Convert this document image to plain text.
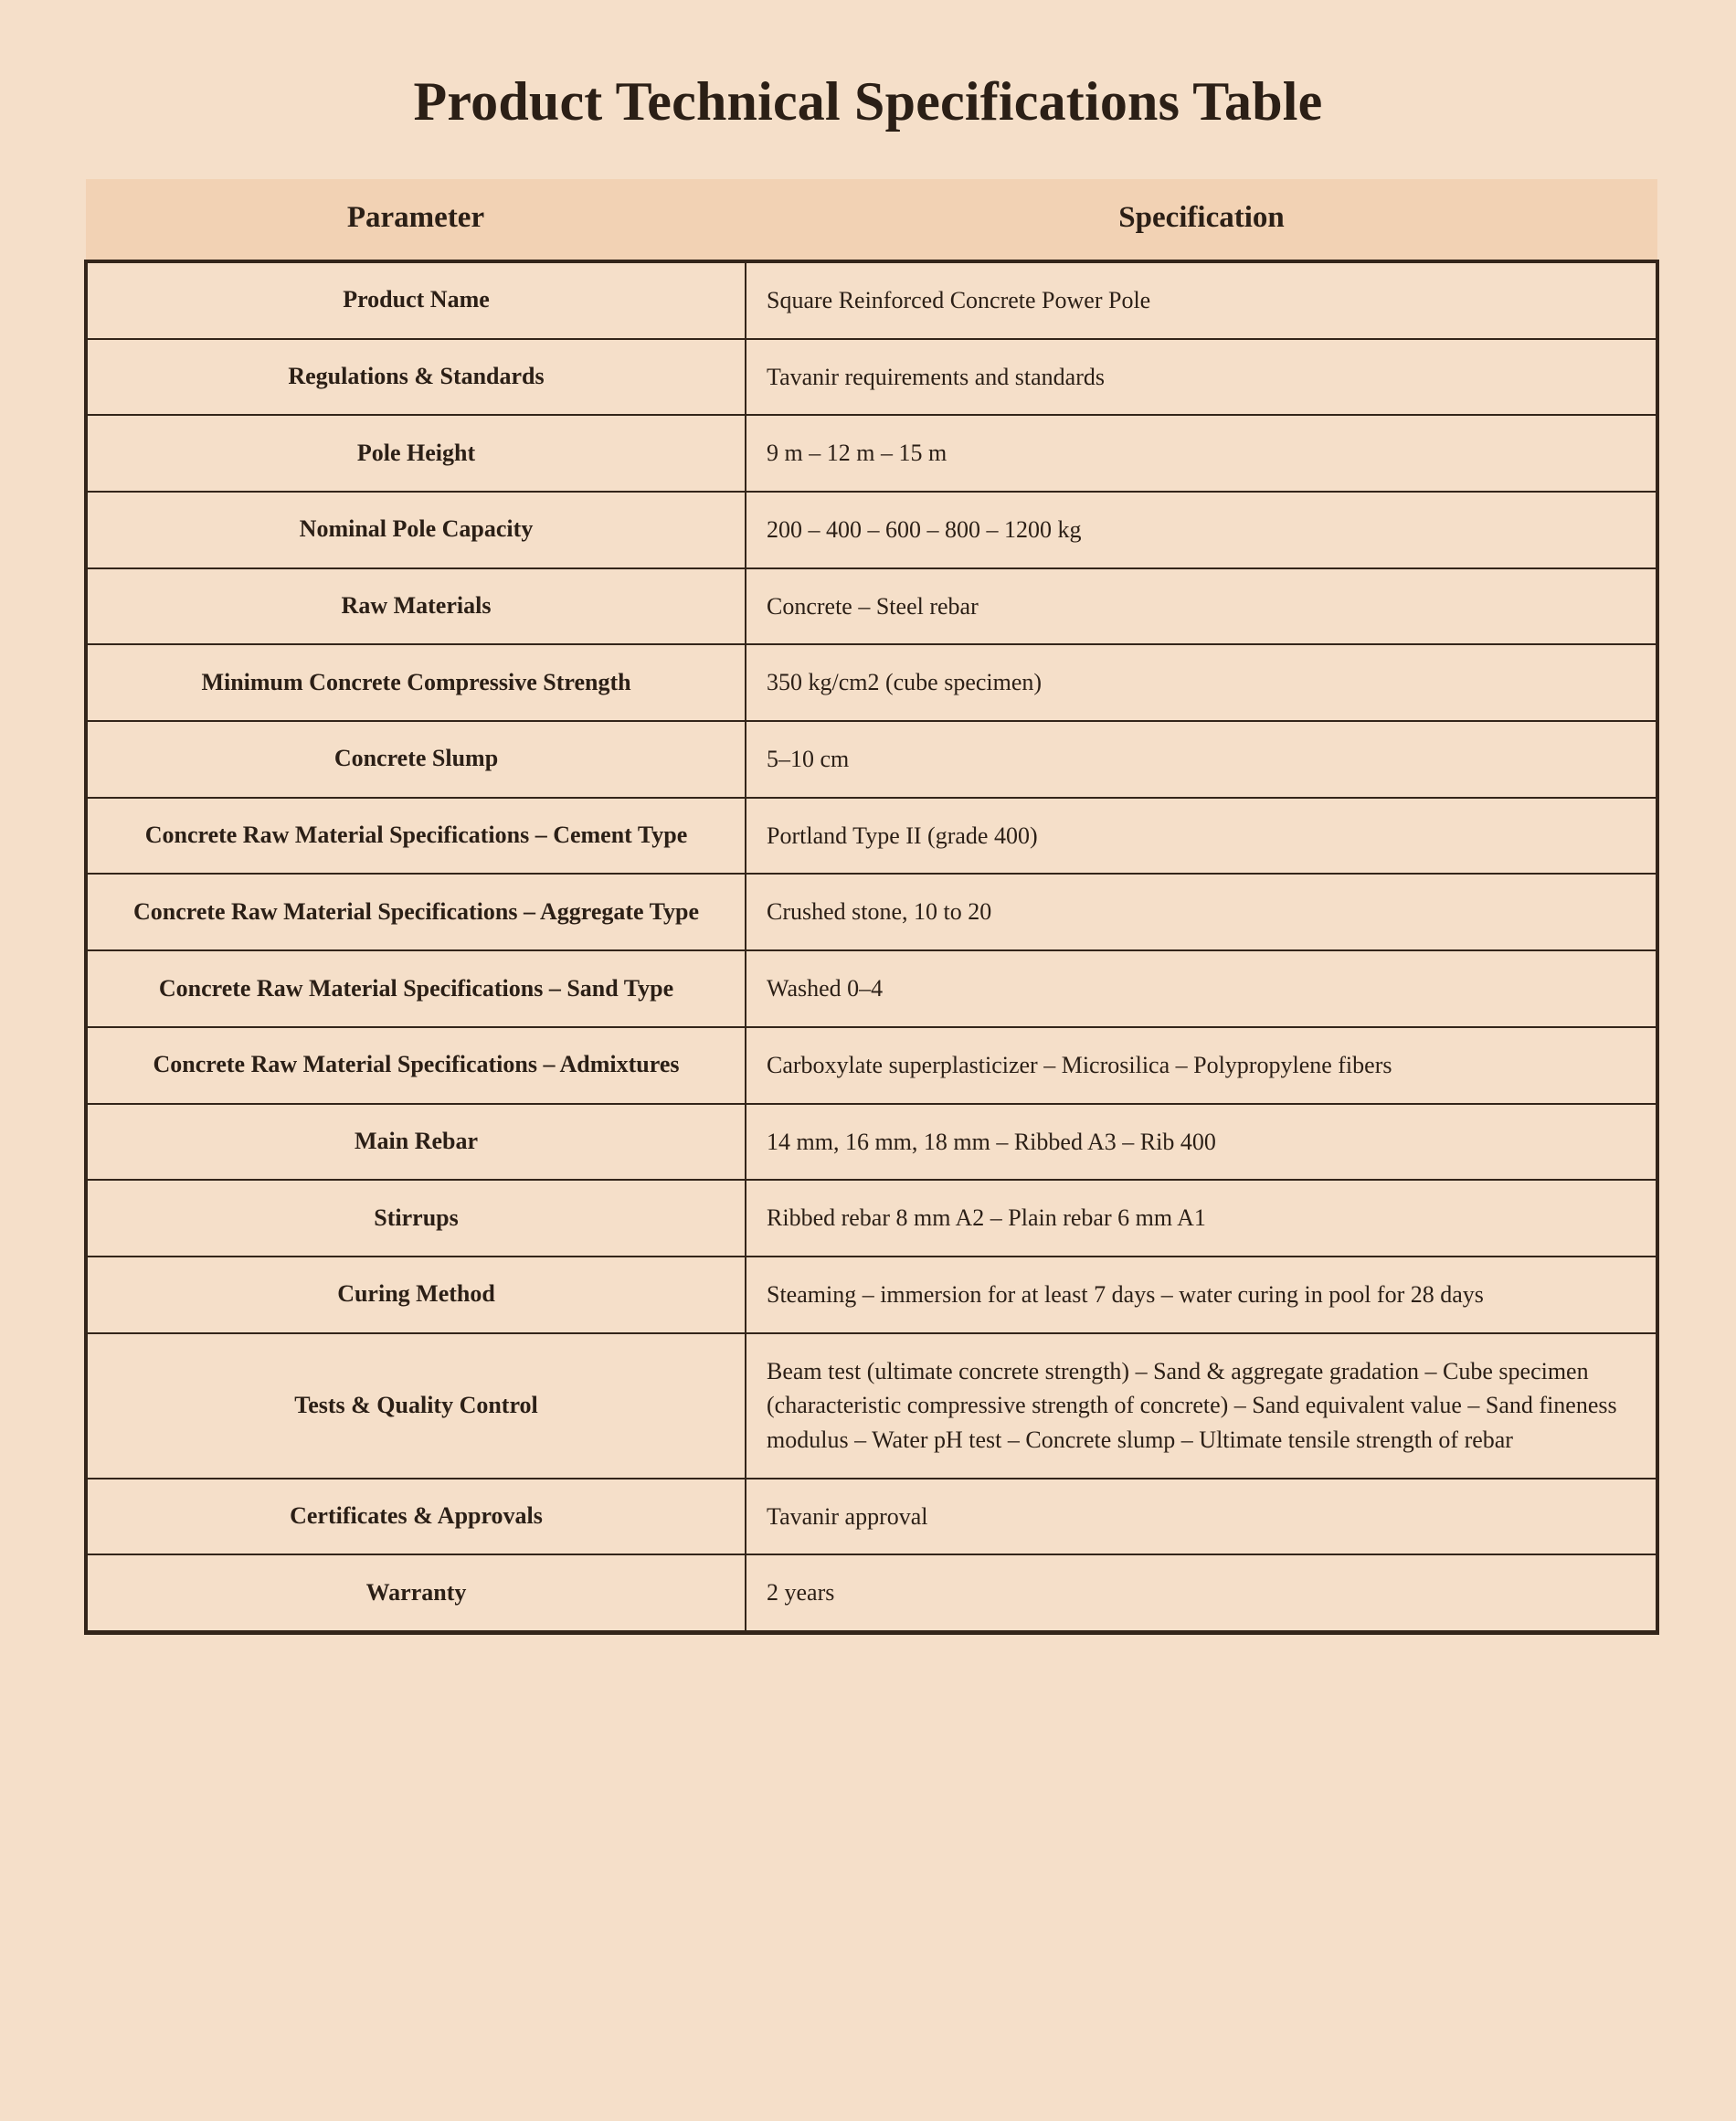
Product Technical Specifications Table
Parameter	Specification
Product Name	Square Reinforced Concrete Power Pole
Regulations & Standards	Tavanir requirements and standards
Pole Height	9 m – 12 m – 15 m
Nominal Pole Capacity	200 – 400 – 600 – 800 – 1200 kg
Raw Materials	Concrete – Steel rebar
Minimum Concrete Compressive Strength	350 kg/cm2 (cube specimen)
Concrete Slump	5–10 cm
Concrete Raw Material Specifications – Cement Type	Portland Type II (grade 400)
Concrete Raw Material Specifications – Aggregate Type	Crushed stone, 10 to 20
Concrete Raw Material Specifications – Sand Type	Washed 0–4
Concrete Raw Material Specifications – Admixtures	Carboxylate superplasticizer – Microsilica – Polypropylene fibers
Main Rebar	14 mm, 16 mm, 18 mm – Ribbed A3 – Rib 400
Stirrups	Ribbed rebar 8 mm A2 – Plain rebar 6 mm A1
Curing Method	Steaming – immersion for at least 7 days – water curing in pool for 28 days
Tests & Quality Control	Beam test (ultimate concrete strength) – Sand & aggregate gradation – Cube specimen (characteristic compressive strength of concrete) – Sand equivalent value – Sand fineness modulus – Water pH test – Concrete slump – Ultimate tensile strength of rebar
Certificates & Approvals	Tavanir approval
Warranty	2 years
